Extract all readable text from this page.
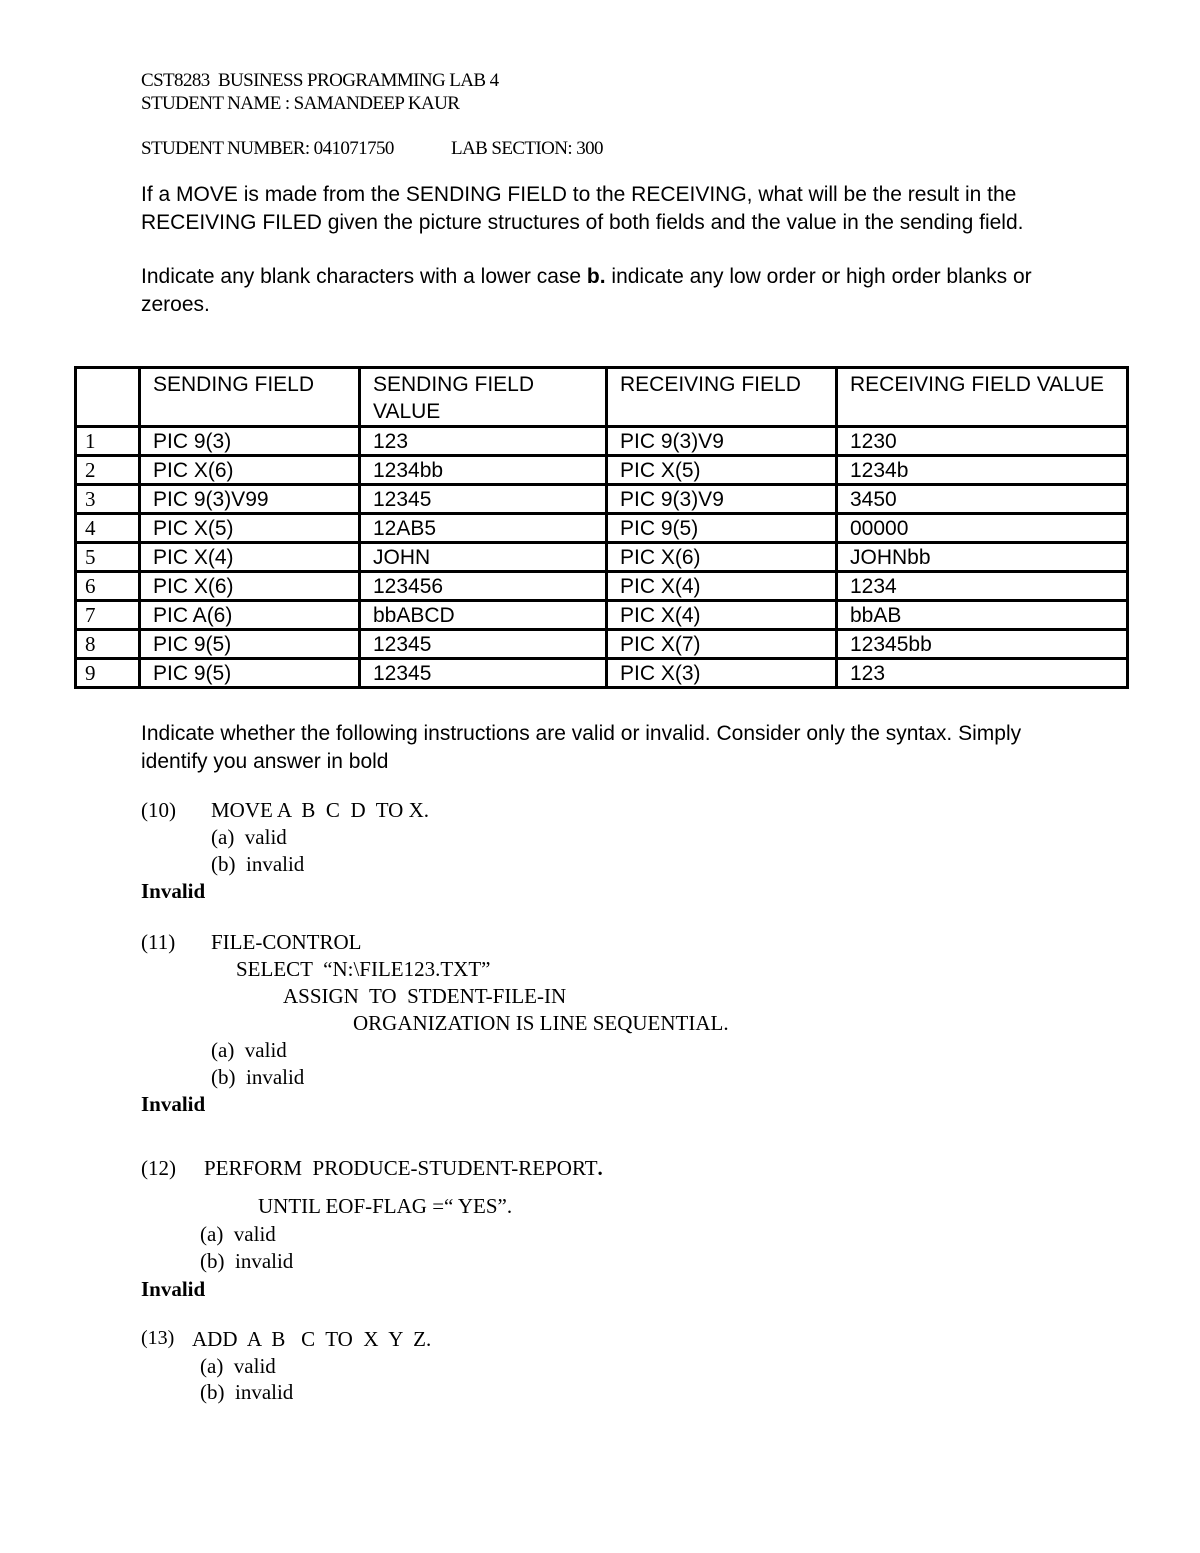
CST8283  BUSINESS PROGRAMMING LAB 4
STUDENT NAME : SAMANDEEP KAUR
STUDENT NUMBER: 041071750	LAB SECTION: 300
If a MOVE is made from the SENDING FIELD to the RECEIVING, what will be the result in the RECEIVING FILED given the picture structures of both fields and the value in the sending field.
Indicate any blank characters with a lower case b. indicate any low order or high order blanks or zeroes.
	SENDING FIELD	SENDING FIELD VALUE	RECEIVING FIELD	RECEIVING FIELD VALUE
1	PIC 9(3)	123	PIC 9(3)V9	1230
2	PIC X(6)	1234bb	PIC X(5)	1234b
3	PIC 9(3)V99	12345	PIC 9(3)V9	3450
4	PIC X(5)	12AB5	PIC 9(5)	00000
5	PIC X(4)	JOHN	PIC X(6)	JOHNbb
6	PIC X(6)	123456	PIC X(4)	1234
7	PIC A(6)	bbABCD	PIC X(4)	bbAB
8	PIC 9(5)	12345	PIC X(7)	12345bb
9	PIC 9(5)	12345	PIC X(3)	123
Indicate whether the following instructions are valid or invalid. Consider only the syntax. Simply identify you answer in bold
(10) MOVE A  B  C  D  TO X.
(a)  valid
(b)  invalid
Invalid
(11) FILE-CONTROL
SELECT  “N:\FILE123.TXT”
ASSIGN  TO  STDENT-FILE-IN
ORGANIZATION IS LINE SEQUENTIAL.
(a)  valid
(b)  invalid
Invalid
(12) PERFORM  PRODUCE-STUDENT-REPORT.
UNTIL EOF-FLAG =“ YES”.
(a)  valid
(b)  invalid
Invalid
(13) ADD  A  B   C  TO  X  Y  Z.
(a)  valid
(b)  invalid
